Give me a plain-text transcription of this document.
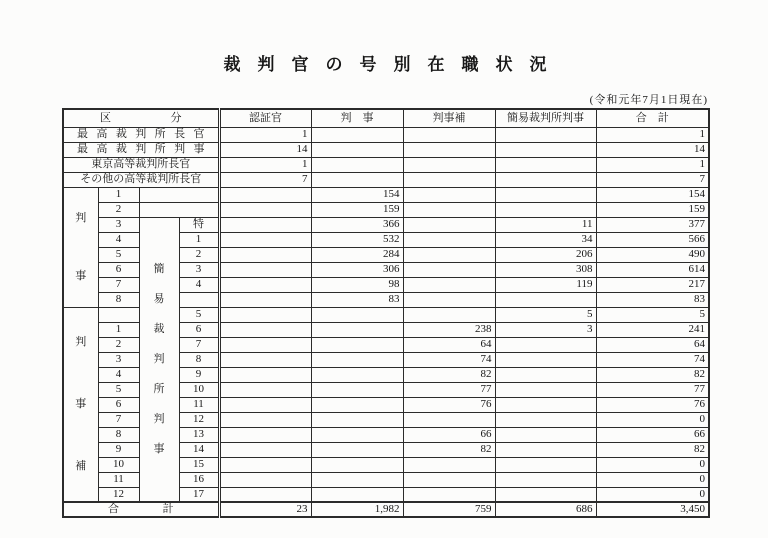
裁判官の号別在職状況
(令和元年7月1日現在)
区分				認証官	判　事	判事補	簡易裁判所判事	合　計
最高裁判所長官				1				1
最高裁判所判事				14				14
東京高等裁判所長官				1				1
その他の高等裁判所長官				7				7

判事	1				154			154
	2				159			159
	3	簡易裁判所判事	特		366		11	377
	4		1		532		34	566
	5		2		284		206	490
	6		3		306		308	614
	7		4		98		119	217
	8				83			83

判事補			5				5	5
	1		6			238	3	241
	2		7			64		64
	3		8			74		74
	4		9			82		82
	5		10			77		77
	6		11			76		76
	7		12					0
	8		13			66		66
	9		14			82		82
	10		15					0
	11		16					0
	12		17					0
合計				23	1,982	759	686	3,450
